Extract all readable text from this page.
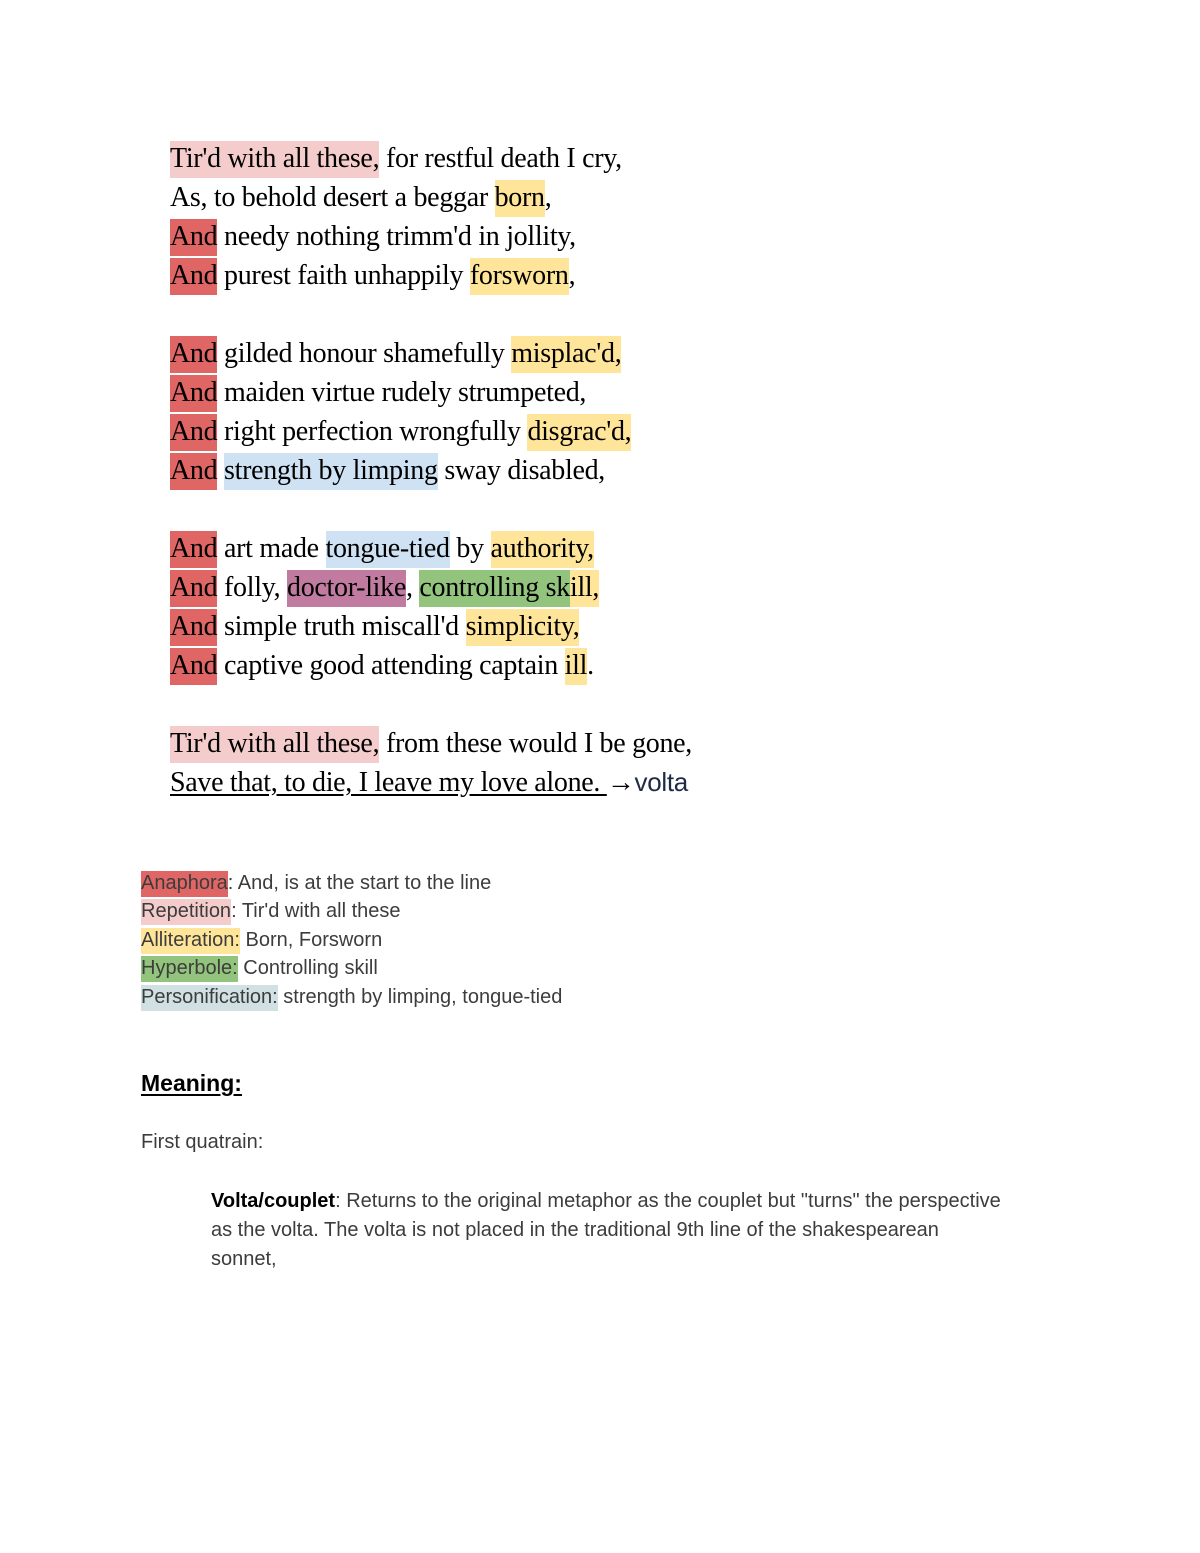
Tir'd with all these, for restful death I cry,
As, to behold desert a beggar born,
And needy nothing trimm'd in jollity,
And purest faith unhappily forsworn,
And gilded honour shamefully misplac'd,
And maiden virtue rudely strumpeted,
And right perfection wrongfully disgrac'd,
And strength by limping sway disabled,
And art made tongue-tied by authority,
And folly, doctor-like, controlling skill,
And simple truth miscall'd simplicity,
And captive good attending captain ill.
Tir'd with all these, from these would I be gone,
Save that, to die, I leave my love alone. →volta
Anaphora: And, is at the start to the line
Repetition: Tir'd with all these
Alliteration: Born, Forsworn
Hyperbole: Controlling skill
Personification: strength by limping, tongue-tied
Meaning:

First quatrain:

Volta/couplet: Returns to the original metaphor as the couplet but "turns" the perspective as the volta. The volta is not placed in the traditional 9th line of the shakespearean sonnet,
